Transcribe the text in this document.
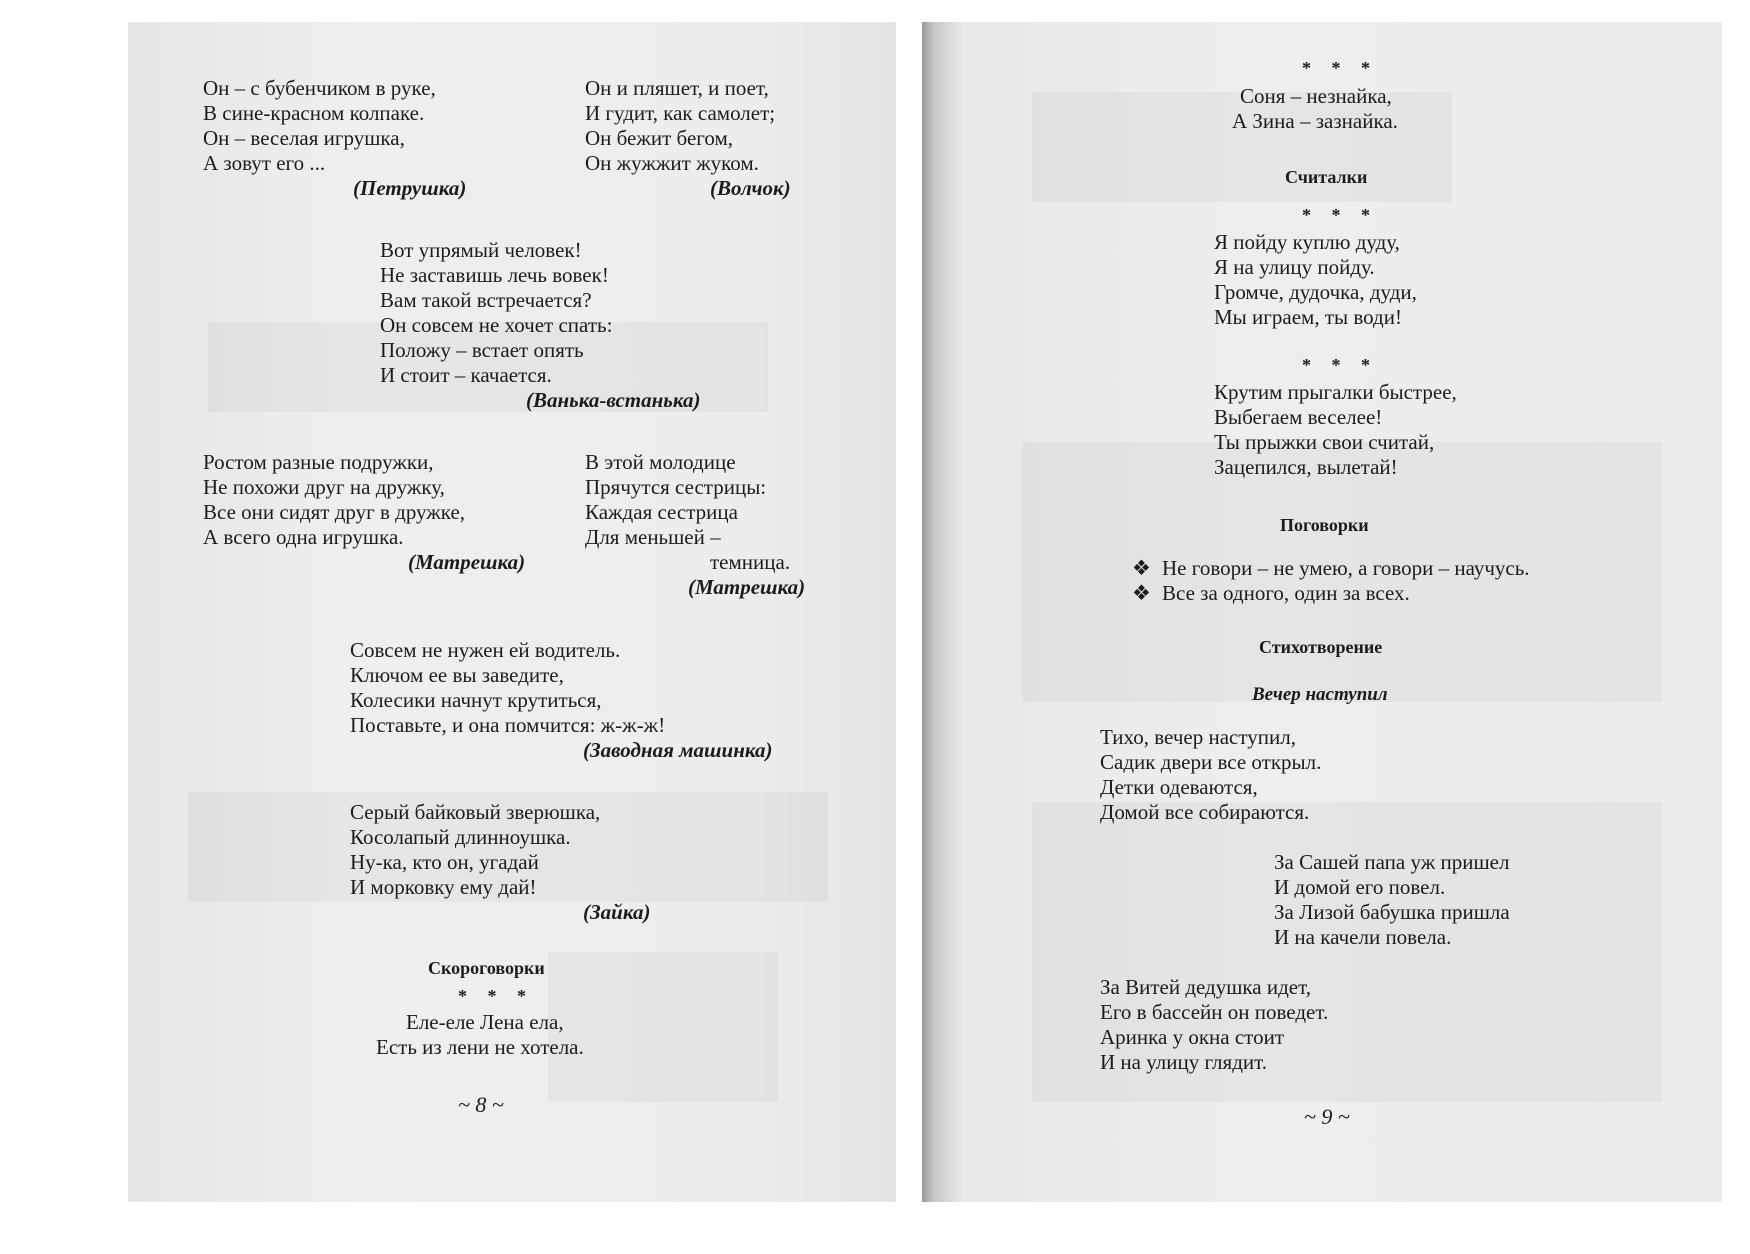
Он – с бубенчиком в руке,
В сине-красном колпаке.
Он – веселая игрушка,
А зовут его ...
(Петрушка)
Он и пляшет, и поет,
И гудит, как самолет;
Он бежит бегом,
Он жужжит жуком.
(Волчок)
Вот упрямый человек!
Не заставишь лечь вовек!
Вам такой встречается?
Он совсем не хочет спать:
Положу – встает опять
И стоит – качается.
(Ванька-встанька)
Ростом разные подружки,
Не похожи друг на дружку,
Все они сидят друг в дружке,
А всего одна игрушка.
(Матрешка)
В этой молодице
Прячутся сестрицы:
Каждая сестрица
Для меньшей –
темница.
(Матрешка)
Совсем не нужен ей водитель.
Ключом ее вы заведите,
Колесики начнут крутиться,
Поставьте, и она помчится: ж-ж-ж!
(Заводная машинка)
Серый байковый зверюшка,
Косолапый длинноушка.
Ну-ка, кто он, угадай
И морковку ему дай!
(Зайка)
Скороговорки
* * *
Еле-еле Лена ела,
Есть из лени не хотела.
~ 8 ~
* * *
Соня – незнайка,
А Зина – зазнайка.
Считалки
* * *
Я пойду куплю дуду,
Я на улицу пойду.
Громче, дудочка, дуди,
Мы играем, ты води!
* * *
Крутим прыгалки быстрее,
Выбегаем веселее!
Ты прыжки свои считай,
Зацепился, вылетай!
Поговорки
❖ Не говори – не умею, а говори – научусь.
❖ Все за одного, один за всех.
Стихотворение
Вечер наступил
Тихо, вечер наступил,
Садик двери все открыл.
Детки одеваются,
Домой все собираются.
За Сашей папа уж пришел
И домой его повел.
За Лизой бабушка пришла
И на качели повела.
За Витей дедушка идет,
Его в бассейн он поведет.
Аринка у окна стоит
И на улицу глядит.
~ 9 ~
